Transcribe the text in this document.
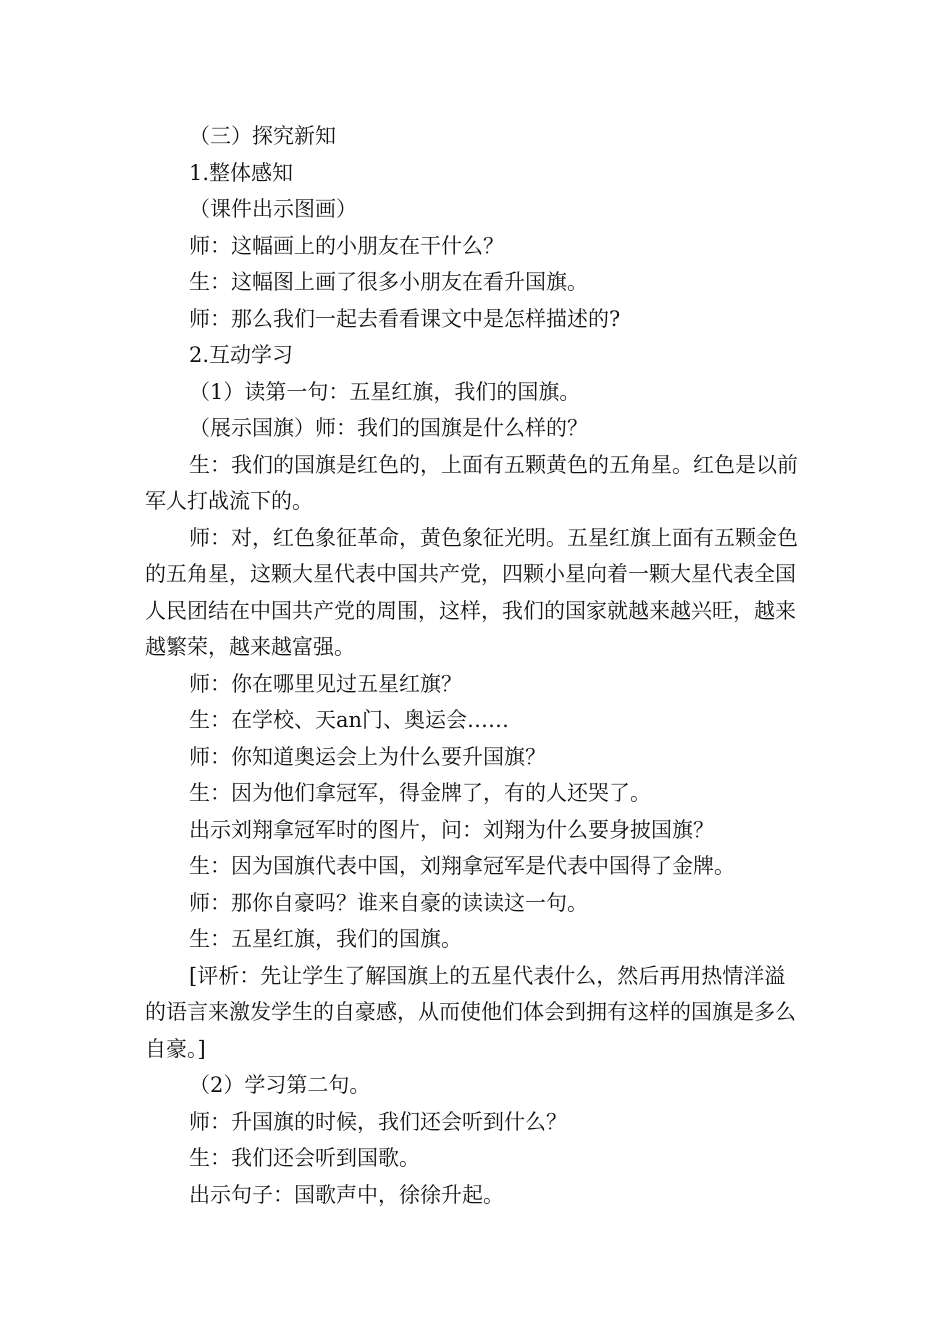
（三）探究新知

1.整体感知

（课件出示图画）

师：这幅画上的小朋友在干什么？

生：这幅图上画了很多小朋友在看升国旗。

师：那么我们一起去看看课文中是怎样描述的?

2.互动学习

（1）读第一句：五星红旗，我们的国旗。

（展示国旗）师：我们的国旗是什么样的？

生：我们的国旗是红色的，上面有五颗黄色的五角星。红色是以前军人打战流下的。

师：对，红色象征革命，黄色象征光明。五星红旗上面有五颗金色的五角星，这颗大星代表中国共产党，四颗小星向着一颗大星代表全国人民团结在中国共产党的周围，这样，我们的国家就越来越兴旺，越来越繁荣，越来越富强。

师：你在哪里见过五星红旗？

生：在学校、天an门、奥运会……

师：你知道奥运会上为什么要升国旗？

生：因为他们拿冠军，得金牌了，有的人还哭了。

出示刘翔拿冠军时的图片，问：刘翔为什么要身披国旗？

生：因为国旗代表中国，刘翔拿冠军是代表中国得了金牌。

师：那你自豪吗？谁来自豪的读读这一句。

生：五星红旗，我们的国旗。

[评析：先让学生了解国旗上的五星代表什么，然后再用热情洋溢的语言来激发学生的自豪感，从而使他们体会到拥有这样的国旗是多么自豪。]

（2）学习第二句。

师：升国旗的时候，我们还会听到什么？

生：我们还会听到国歌。

出示句子：国歌声中，徐徐升起。
